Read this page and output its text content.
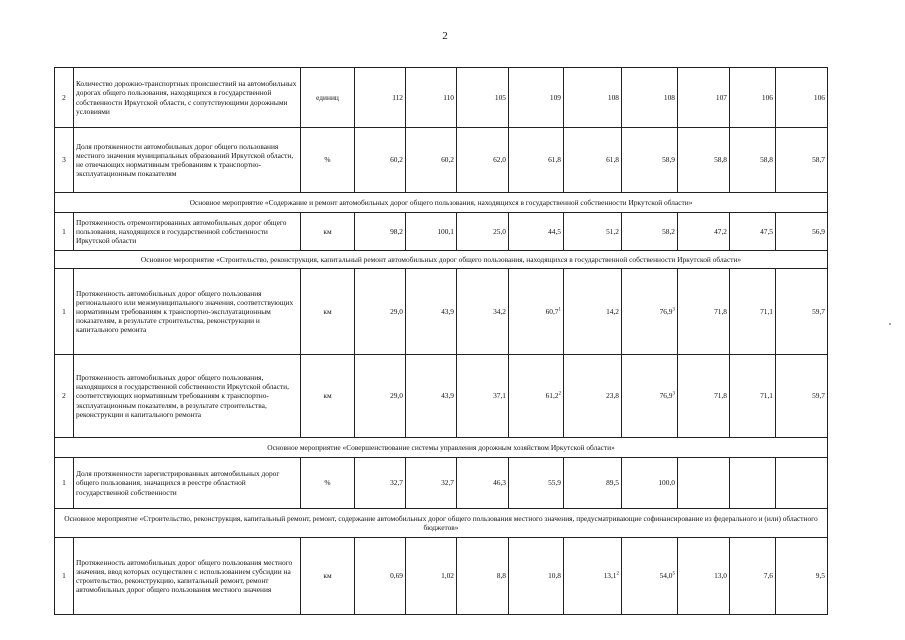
2
2	Количество дорожно-транспортных происшествий на автомобильных дорогах общего пользования, находящихся в государственной собственности Иркутской области, с сопутствующими дорожными условиями	единиц	112	110	105	109	108	108	107	106	106
3	Доля протяженности автомобильных дорог общего пользования местного значения муниципальных образований Иркутской области, не отвечающих нормативным требованиям к транспортно-эксплуатационным показателям	%	60,2	60,2	62,0	61,8	61,8	58,9	58,8	58,8	58,7
Основное мероприятие «Содержание и ремонт автомобильных дорог общего пользования, находящихся в государственной собственности Иркутской области»											
1	Протяженность отремонтированных автомобильных дорог общего пользования, находящихся в государственной собственности Иркутской области	км	98,2	100,1	25,0	44,5	51,2	58,2	47,2	47,5	56,9
Основное мероприятие «Строительство, реконструкция, капитальный ремонт автомобильных дорог общего пользования, находящихся в государственной собственности Иркутской области»											
1	Протяженность автомобильных дорог общего пользования регионального или межмуниципального значения, соответствующих нормативным требованиям к транспортно-эксплуатационным показателям, в результате строительства, реконструкции и капитального ремонта	км	29,0	43,9	34,2	60,7$^1$	14,2	76,9$^3$	71,8	71,1	59,7
2	Протяженность автомобильных дорог общего пользования, находящихся в государственной собственности Иркутской области, соответствующих нормативным требованиям к транспортно-эксплуатационным показателям, в результате строительства, реконструкции и капитального ремонта	км	29,0	43,9	37,1	61,2$^2$	23,8	76,9$^3$	71,8	71,1	59,7
Основное мероприятие «Совершенствование системы управления дорожным хозяйством Иркутской области»											
1	Доля протяженности зарегистрированных автомобильных дорог общего пользования, значащихся в реестре областной государственной собственности	%	32,7	32,7	46,3	55,9	89,5	100,0			
Основное мероприятие «Строительство, реконструкция, капитальный ремонт, ремонт, содержание автомобильных дорог общего пользования местного значения, предусматривающие софинансирование из федерального и (или) областного бюджетов»											
1	Протяженность автомобильных дорог общего пользования местного значения, ввод которых осуществлен с использованием субсидии на строительство, реконструкцию, капитальный ремонт, ремонт автомобильных дорог общего пользования местного значения	км	0,69	1,02	8,8	10,8	13,1$^2$	54,0$^5$	13,0	7,6	9,5
